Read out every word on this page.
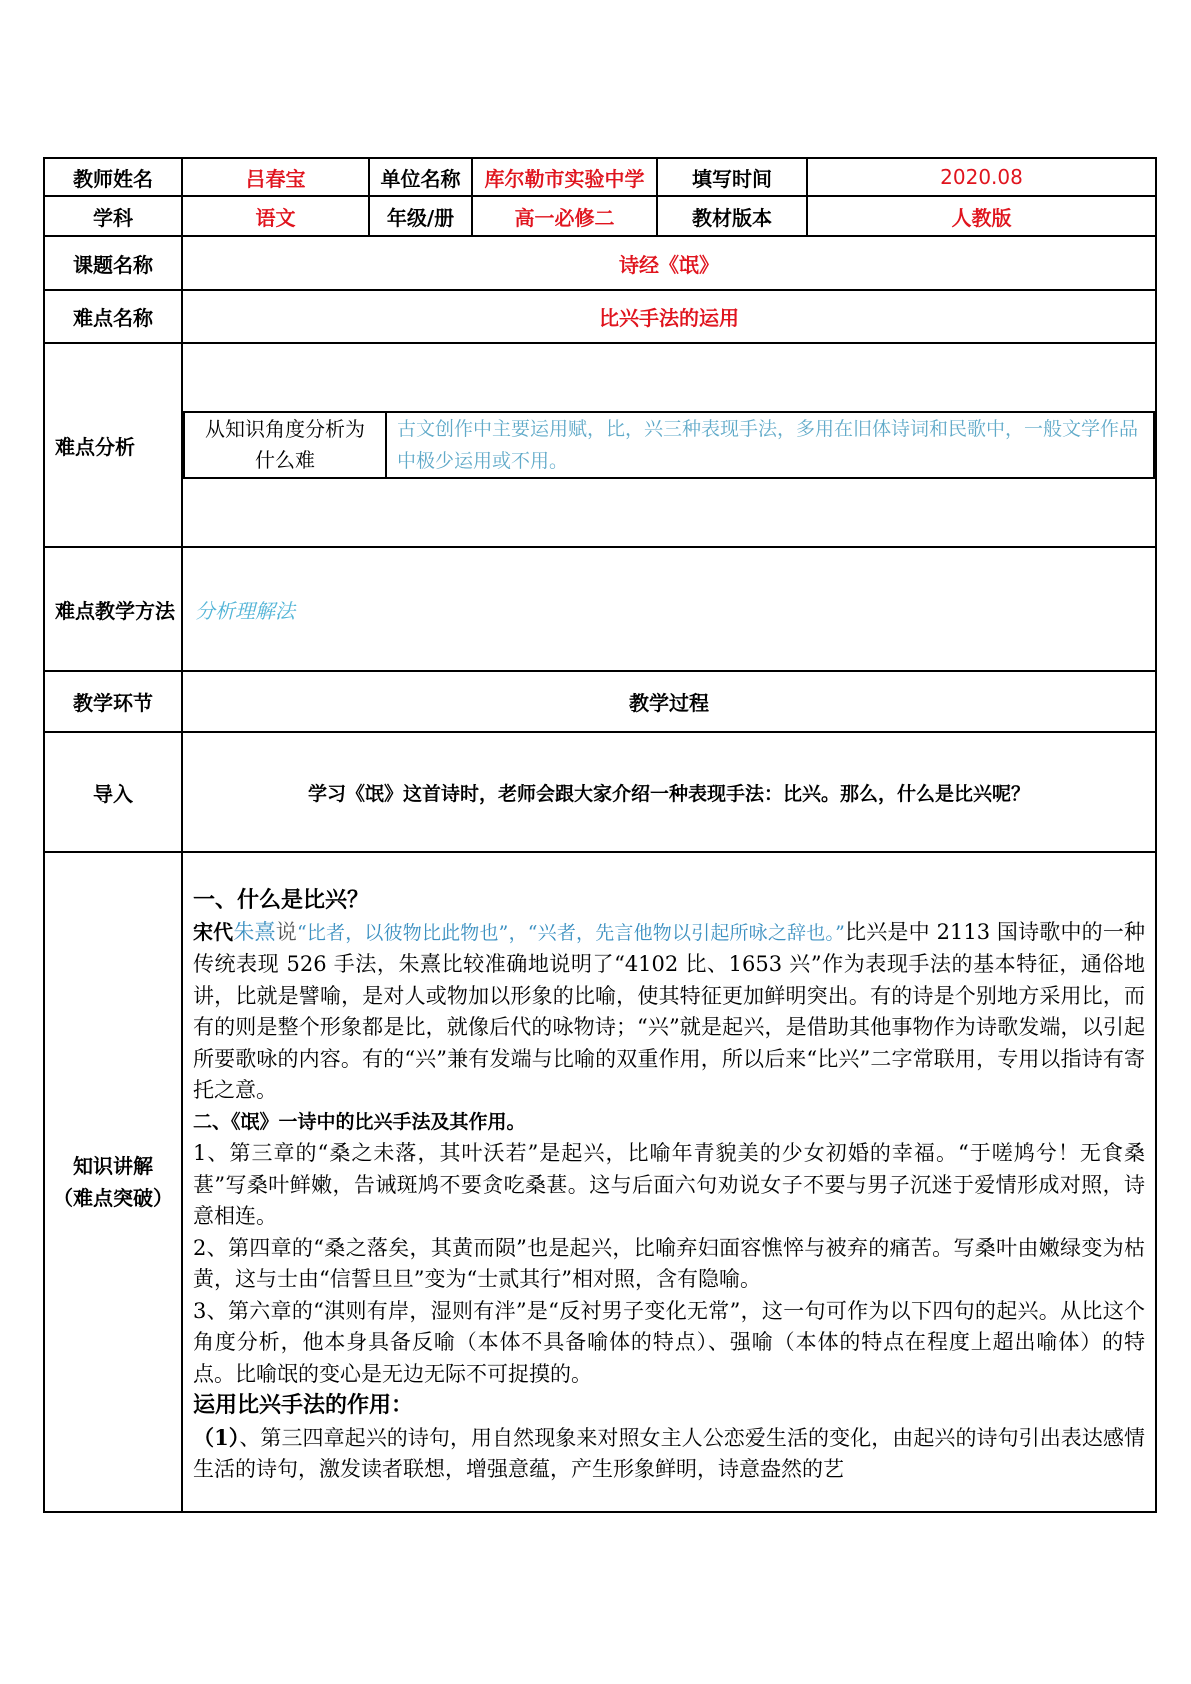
教师姓名	吕春宝	单位名称	库尔勒市实验中学	填写时间	2020.08
学科	语文	年级/册	高一必修二	教材版本	人教版
课题名称	诗经《氓》
难点名称	比兴手法的运用
难点分析	
从知识角度分析为什么难	古文创作中主要运用赋，比，兴三种表现手法，多用在旧体诗词和民歌中，一般文学作品中极少运用或不用。

难点教学方法	分析理解法
教学环节	教学过程
导入	学习《氓》这首诗时，老师会跟大家介绍一种表现手法：比兴。那么，什么是比兴呢？

知识讲解
（难点突破）

一、什么是比兴？
宋代朱熹说“比者，以彼物比此物也”，“兴者，先言他物以引起所咏之辞也。”比兴是中 2113 国诗歌中的一种传统表现 526 手法，朱熹比较准确地说明了“4102 比、1653 兴”作为表现手法的基本特征，通俗地讲，比就是譬喻，是对人或物加以形象的比喻，使其特征更加鲜明突出。有的诗是个别地方采用比，而有的则是整个形象都是比，就像后代的咏物诗；“兴”就是起兴，是借助其他事物作为诗歌发端，以引起所要歌咏的内容。有的“兴”兼有发端与比喻的双重作用，所以后来“比兴”二字常联用，专用以指诗有寄托之意。
二、《氓》一诗中的比兴手法及其作用。
1、第三章的“桑之未落，其叶沃若”是起兴，比喻年青貌美的少女初婚的幸福。“于嗟鸠兮！无食桑葚”写桑叶鲜嫩，告诫斑鸠不要贪吃桑葚。这与后面六句劝说女子不要与男子沉迷于爱情形成对照，诗意相连。
2、第四章的“桑之落矣，其黄而陨”也是起兴，比喻弃妇面容憔悴与被弃的痛苦。写桑叶由嫩绿变为枯黄，这与士由“信誓旦旦”变为“士贰其行”相对照，含有隐喻。
3、第六章的“淇则有岸，湿则有泮”是“反衬男子变化无常”，这一句可作为以下四句的起兴。从比这个角度分析，他本身具备反喻（本体不具备喻体的特点）、强喻（本体的特点在程度上超出喻体）的特点。比喻氓的变心是无边无际不可捉摸的。
运用比兴手法的作用：
（1）、第三四章起兴的诗句，用自然现象来对照女主人公恋爱生活的变化，由起兴的诗句引出表达感情生活的诗句，激发读者联想，增强意蕴，产生形象鲜明，诗意盎然的艺
